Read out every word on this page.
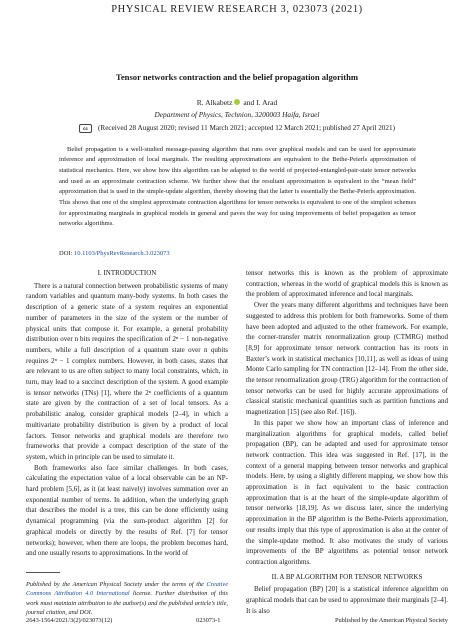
PHYSICAL REVIEW RESEARCH 3, 023073 (2021)
Tensor networks contraction and the belief propagation algorithm
R. Alkabetz and I. Arad
Department of Physics, Technion, 3200003 Haifa, Israel
cc (Received 28 August 2020; revised 11 March 2021; accepted 12 March 2021; published 27 April 2021)

Belief propagation is a well-studied message-passing algorithm that runs over graphical models and can be used for approximate inference and approximation of local marginals. The resulting approximations are equivalent to the Bethe-Peierls approximation of statistical mechanics. Here, we show how this algorithm can be adapted to the world of projected-entangled-pair-state tensor networks and used as an approximate contraction scheme. We further show that the resultant approximation is equivalent to the “mean field” approximation that is used in the simple-update algorithm, thereby showing that the latter is essentially the Bethe-Peierls approximation. This shows that one of the simplest approximate contraction algorithms for tensor networks is equivalent to one of the simplest schemes for approximating marginals in graphical models in general and paves the way for using improvements of belief propagation as tensor networks algorithms.

DOI: 10.1103/PhysRevResearch.3.023073
I. INTRODUCTION

There is a natural connection between probabilistic systems of many random variables and quantum many-body systems. In both cases the description of a generic state of a system requires an exponential number of parameters in the size of the system or the number of physical units that compose it. For example, a general probability distribution over n bits requires the specification of 2ⁿ − 1 non-negative numbers, while a full description of a quantum state over n qubits requires 2ⁿ − 1 complex numbers. However, in both cases, states that are relevant to us are often subject to many local constraints, which, in turn, may lead to a succinct description of the system. A good example is tensor networks (TNs) [1], where the 2ⁿ coefficients of a quantum state are given by the contraction of a set of local tensors. As a probabilistic analog, consider graphical models [2–4], in which a multivariate probability distribution is given by a product of local factors. Tensor networks and graphical models are therefore two frameworks that provide a compact description of the state of the system, which in principle can be used to simulate it.

Both frameworks also face similar challenges. In both cases, calculating the expectation value of a local observable can be an NP-hard problem [5,6], as it (at least naively) involves summation over an exponential number of terms. In addition, when the underlying graph that describes the model is a tree, this can be done efficiently using dynamical programming (via the sum-product algorithm [2] for graphical models or directly by the results of Ref. [7] for tensor networks); however, when there are loops, the problem becomes hard, and one usually resorts to approximations. In the world of

tensor networks this is known as the problem of approximate contraction, whereas in the world of graphical models this is known as the problem of approximated inference and local marginals.

Over the years many different algorithms and techniques have been suggested to address this problem for both frameworks. Some of them have been adopted and adjusted to the other framework. For example, the corner-transfer matrix renormalization group (CTMRG) method [8,9] for approximate tensor network contraction has its roots in Baxter’s work in statistical mechanics [10,11], as well as ideas of using Monte Carlo sampling for TN contraction [12–14]. From the other side, the tensor renormalization group (TRG) algorithm for the contraction of tensor networks can be used for highly accurate approximations of classical statistic mechanical quantities such as partition functions and magnetization [15] (see also Ref. [16]).

In this paper we show how an important class of inference and marginalization algorithms for graphical models, called belief propagation (BP), can be adapted and used for approximate tensor network contraction. This idea was suggested in Ref. [17], in the context of a general mapping between tensor networks and graphical models. Here, by using a slightly different mapping, we show how this approximation is in fact equivalent to the basic contraction approximation that is at the heart of the simple-update algorithm of tensor networks [18,19]. As we discuss later, since the underlying approximation in the BP algorithm is the Bethe-Peierls approximation, our results imply that this type of approximation is also at the center of the simple-update method. It also motivates the study of various improvements of the BP algorithms as potential tensor network contraction algorithms.

II. A BP ALGORITHM FOR TENSOR NETWORKS

Belief propagation (BP) [20] is a statistical inference algorithm on graphical models that can be used to approximate their marginals [2–4]. It is also

Published by the American Physical Society under the terms of the Creative Commons Attribution 4.0 International license. Further distribution of this work must maintain attribution to the author(s) and the published article’s title, journal citation, and DOI.
2643-1564/2021/3(2)/023073(12)	023073-1	Published by the American Physical Society
